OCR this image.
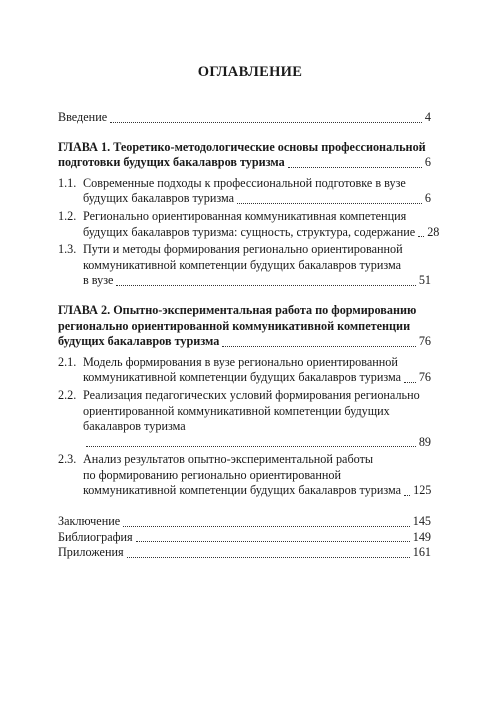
ОГЛАВЛЕНИЕ
Введение	4
ГЛАВА 1. Теоретико-методологические основы профессиональной
подготовки будущих бакалавров туризма	6
1.1. Современные подходы к профессиональной подготовке в вузе
будущих бакалавров туризма	6
1.2. Регионально ориентированная коммуникативная компетенция
будущих бакалавров туризма: сущность, структура, содержание 28
1.3. Пути и методы формирования регионально ориентированной
коммуникативной компетенции будущих бакалавров туризма
в вузе	51
ГЛАВА 2. Опытно-экспериментальная работа по формированию
регионально ориентированной коммуникативной компетенции
будущих бакалавров туризма	76
2.1. Модель формирования в вузе регионально ориентированной
коммуникативной компетенции будущих бакалавров туризма 76
2.2. Реализация педагогических условий формирования регионально
ориентированной коммуникативной компетенции будущих
бакалавров туризма
89
2.3. Анализ результатов опытно-экспериментальной работы
по формированию регионально ориентированной
коммуникативной компетенции будущих бакалавров туризма 125
Заключение	145
Библиография	149
Приложения	161
